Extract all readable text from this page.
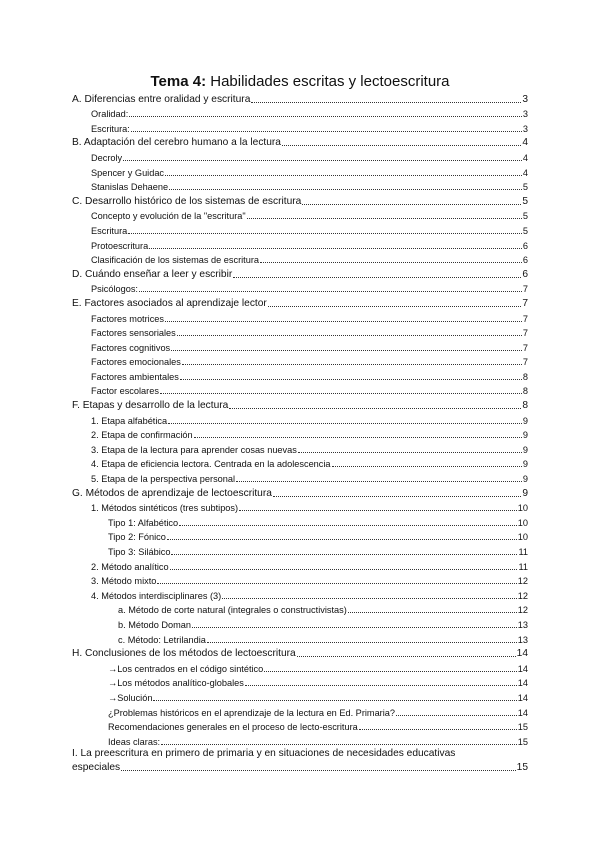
Tema 4: Habilidades escritas y lectoescritura
A. Diferencias entre oralidad y escritura	3
Oralidad:	3
Escritura:	3
B. Adaptación del cerebro humano a la lectura	4
Decroly	4
Spencer y Guidac	4
Stanislas Dehaene	5
C. Desarrollo histórico de los sistemas de escritura	5
Concepto y evolución de la "escritura"	5
Escritura	5
Protoescritura	6
Clasificación de los sistemas de escritura	6
D. Cuándo enseñar a leer y escribir	6
Psicólogos:	7
E. Factores asociados al aprendizaje lector	7
Factores motrices	7
Factores sensoriales	7
Factores cognitivos	7
Factores emocionales	7
Factores ambientales	8
Factor escolares	8
F. Etapas y desarrollo de la lectura	8
1. Etapa alfabética	9
2. Etapa de confirmación	9
3. Etapa de la lectura para aprender cosas nuevas	9
4. Etapa de eficiencia lectora. Centrada en la adolescencia	9
5. Etapa de la perspectiva personal	9
G. Métodos de aprendizaje de lectoescritura	9
1. Métodos sintéticos (tres subtipos)	10
Tipo 1: Alfabético	10
Tipo 2: Fónico	10
Tipo 3: Silábico	11
2. Método analítico	11
3. Método mixto	12
4. Métodos interdisciplinares (3)	12
a. Método de corte natural (integrales o constructivistas)	12
b. Método Doman	13
c. Método: Letrilandia	13
H. Conclusiones de los métodos de lectoescritura	14
→Los centrados en el código sintético	14
→Los métodos analítico-globales	14
→Solución	14
¿Problemas históricos en el aprendizaje de la lectura en Ed. Primaria?	14
Recomendaciones generales en el proceso de lecto-escritura	15
Ideas claras:	15
I. La preescritura en primero de primaria y en situaciones de necesidades educativas
especiales	15
